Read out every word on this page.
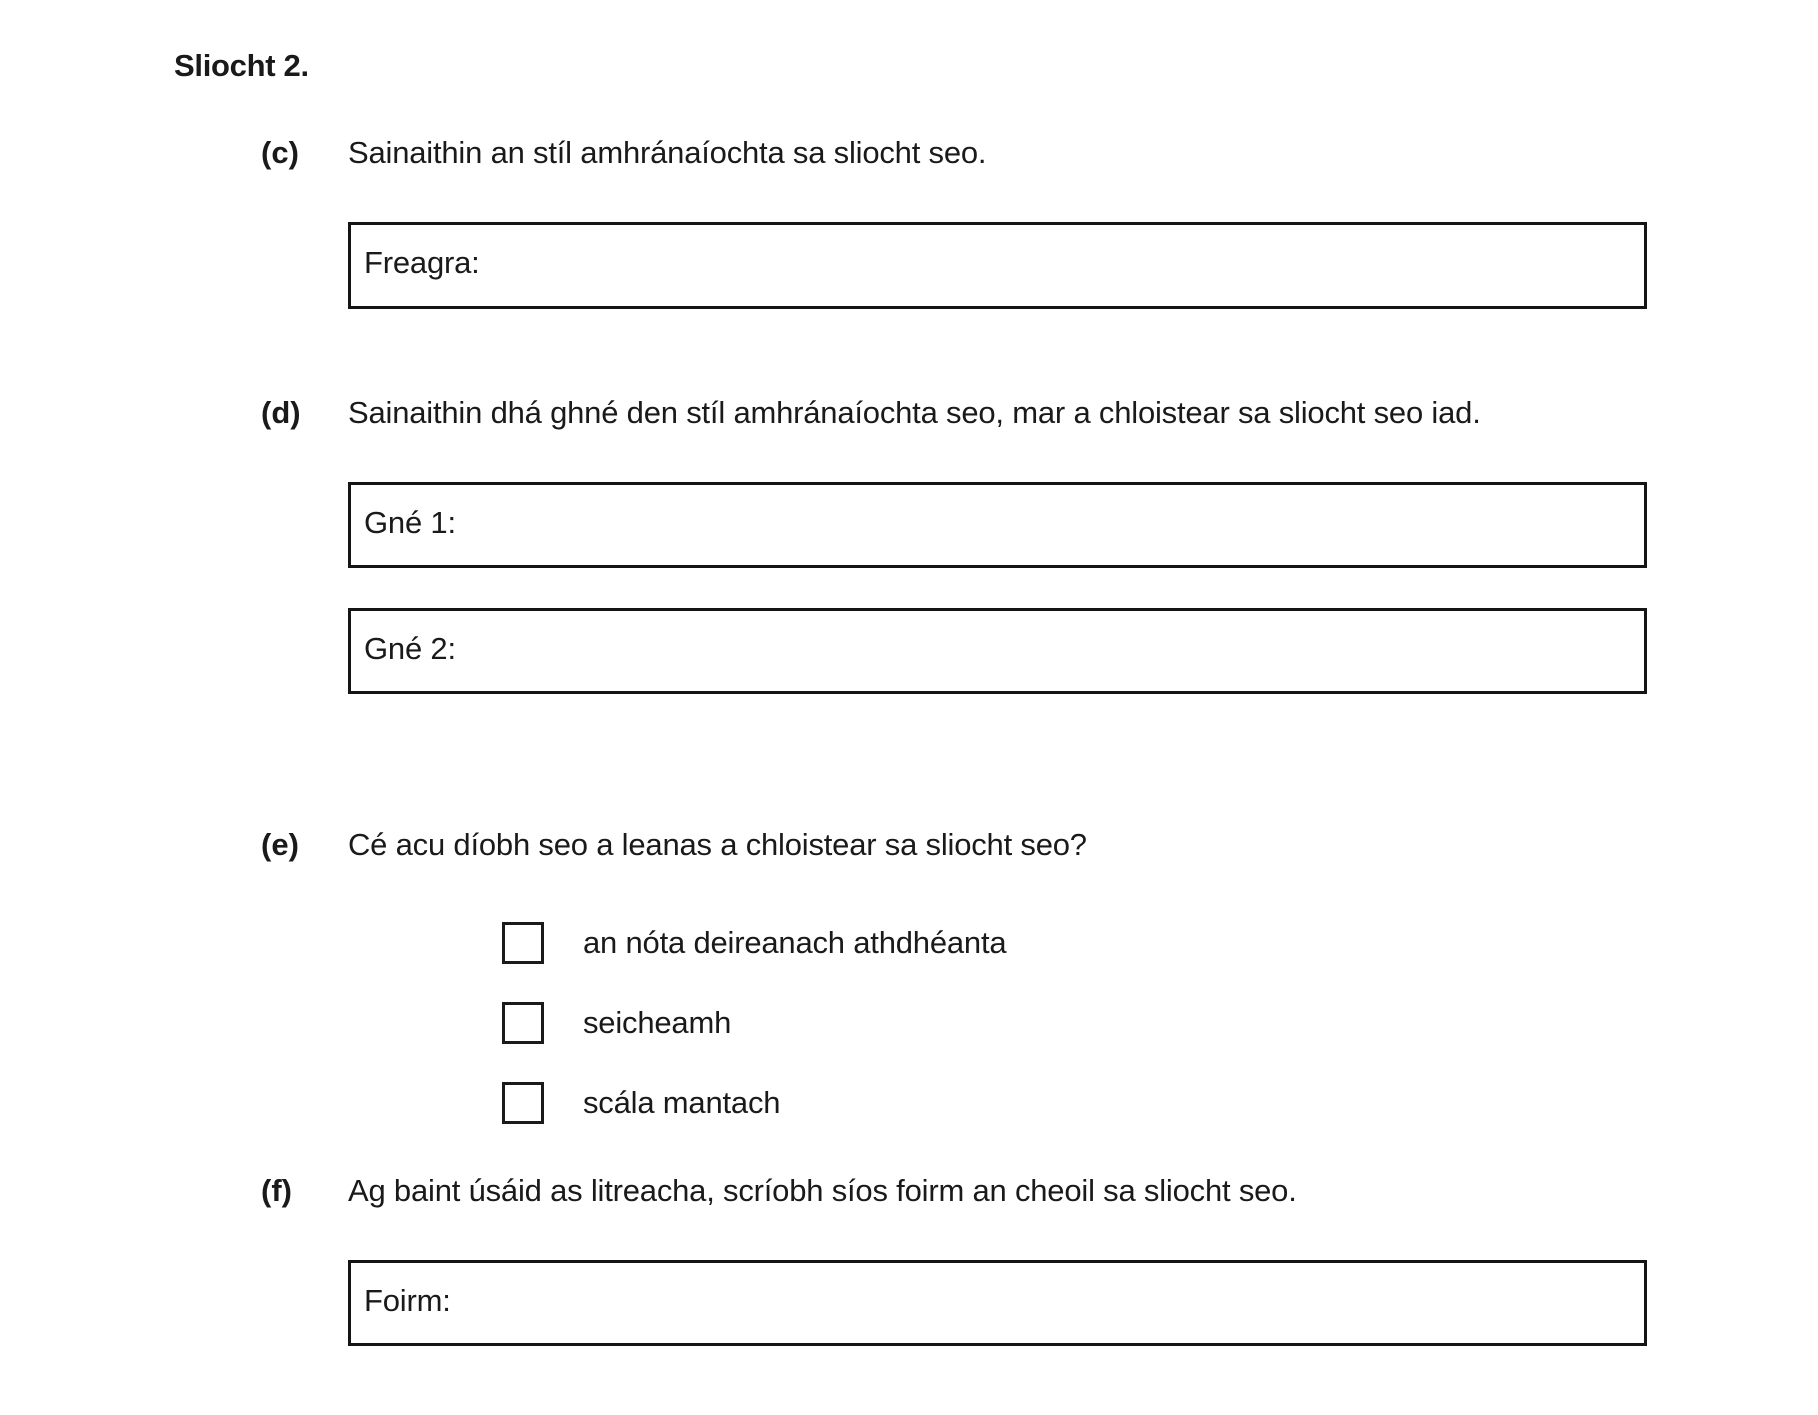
Sliocht 2.
(c) Sainaithin an stíl amhránaíochta sa sliocht seo.
Freagra:
(d) Sainaithin dhá ghné den stíl amhránaíochta seo, mar a chloistear sa sliocht seo iad.
Gné 1:
Gné 2:
(e) Cé acu díobh seo a leanas a chloistear sa sliocht seo?
an nóta deireanach athdhéanta
seicheamh
scála mantach
(f) Ag baint úsáid as litreacha, scríobh síos foirm an cheoil sa sliocht seo.
Foirm:
